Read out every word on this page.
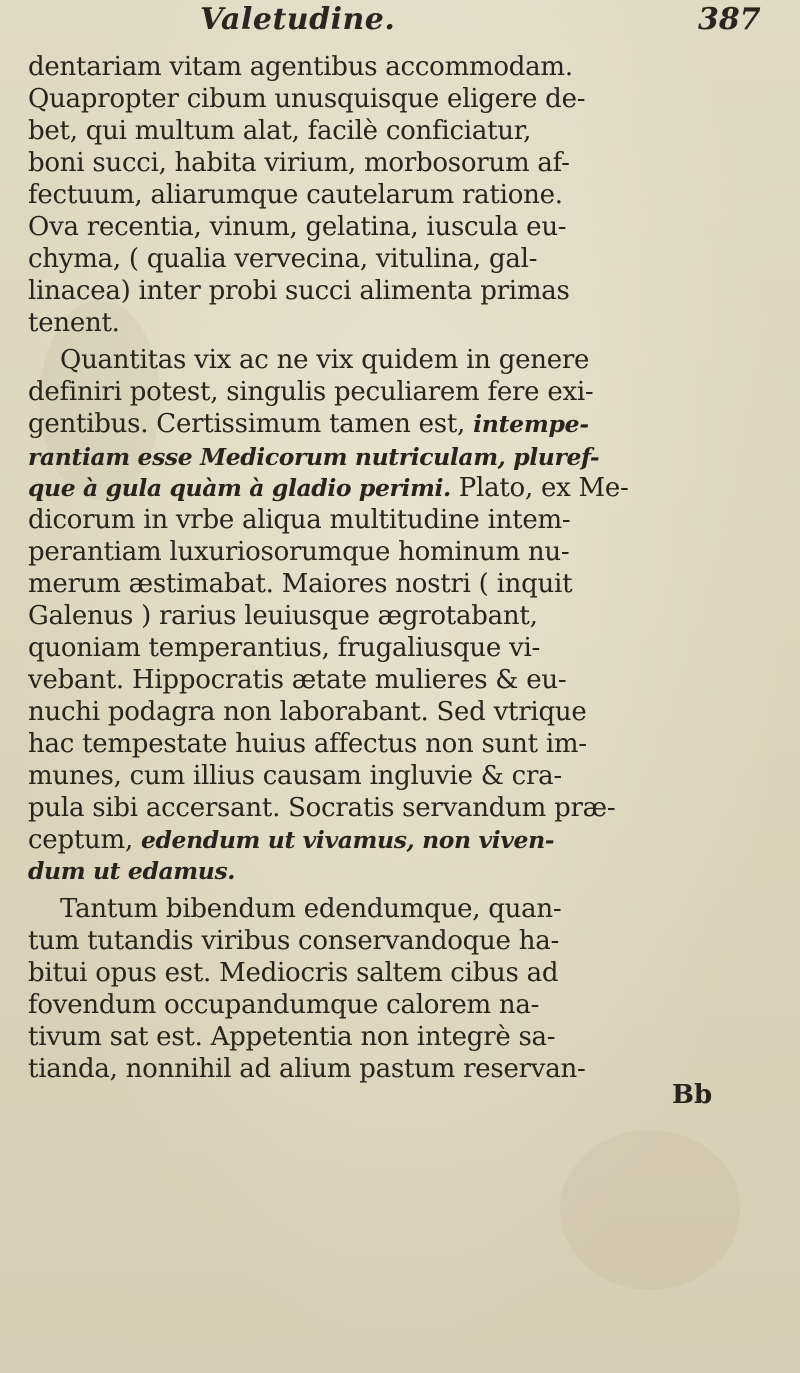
Valetudine.	387
dentariam vitam agentibus accommodam.
Quapropter cibum unusquisque eligere de-
bet, qui multum alat, facilè conficiatur,
boni succi, habita virium, morbosorum af-
fectuum, aliarumque cautelarum ratione.
Ova recentia, vinum, gelatina, iuscula eu-
chyma, ( qualia vervecina, vitulina, gal-
linacea) inter probi succi alimenta primas
tenent.
Quantitas vix ac ne vix quidem in genere
definiri potest, singulis peculiarem fere exi-
gentibus. Certissimum tamen est, intempe-
rantiam esse Medicorum nutriculam, pluref-
que à gula quàm à gladio perimi. Plato, ex Me-
dicorum in vrbe aliqua multitudine intem-
perantiam luxuriosorumque hominum nu-
merum æstimabat. Maiores nostri ( inquit
Galenus ) rarius leuiusque ægrotabant,
quoniam temperantius, frugaliusque vi-
vebant. Hippocratis ætate mulieres & eu-
nuchi podagra non laborabant. Sed vtrique
hac tempestate huius affectus non sunt im-
munes, cum illius causam ingluvie & cra-
pula sibi accersant. Socratis servandum præ-
ceptum, edendum ut vivamus, non viven-
dum ut edamus.
Tantum bibendum edendumque, quan-
tum tutandis viribus conservandoque ha-
bitui opus est. Mediocris saltem cibus ad
fovendum occupandumque calorem na-
tivum sat est. Appetentia non integrè sa-
tianda, nonnihil ad alium pastum reservan-
Bb
